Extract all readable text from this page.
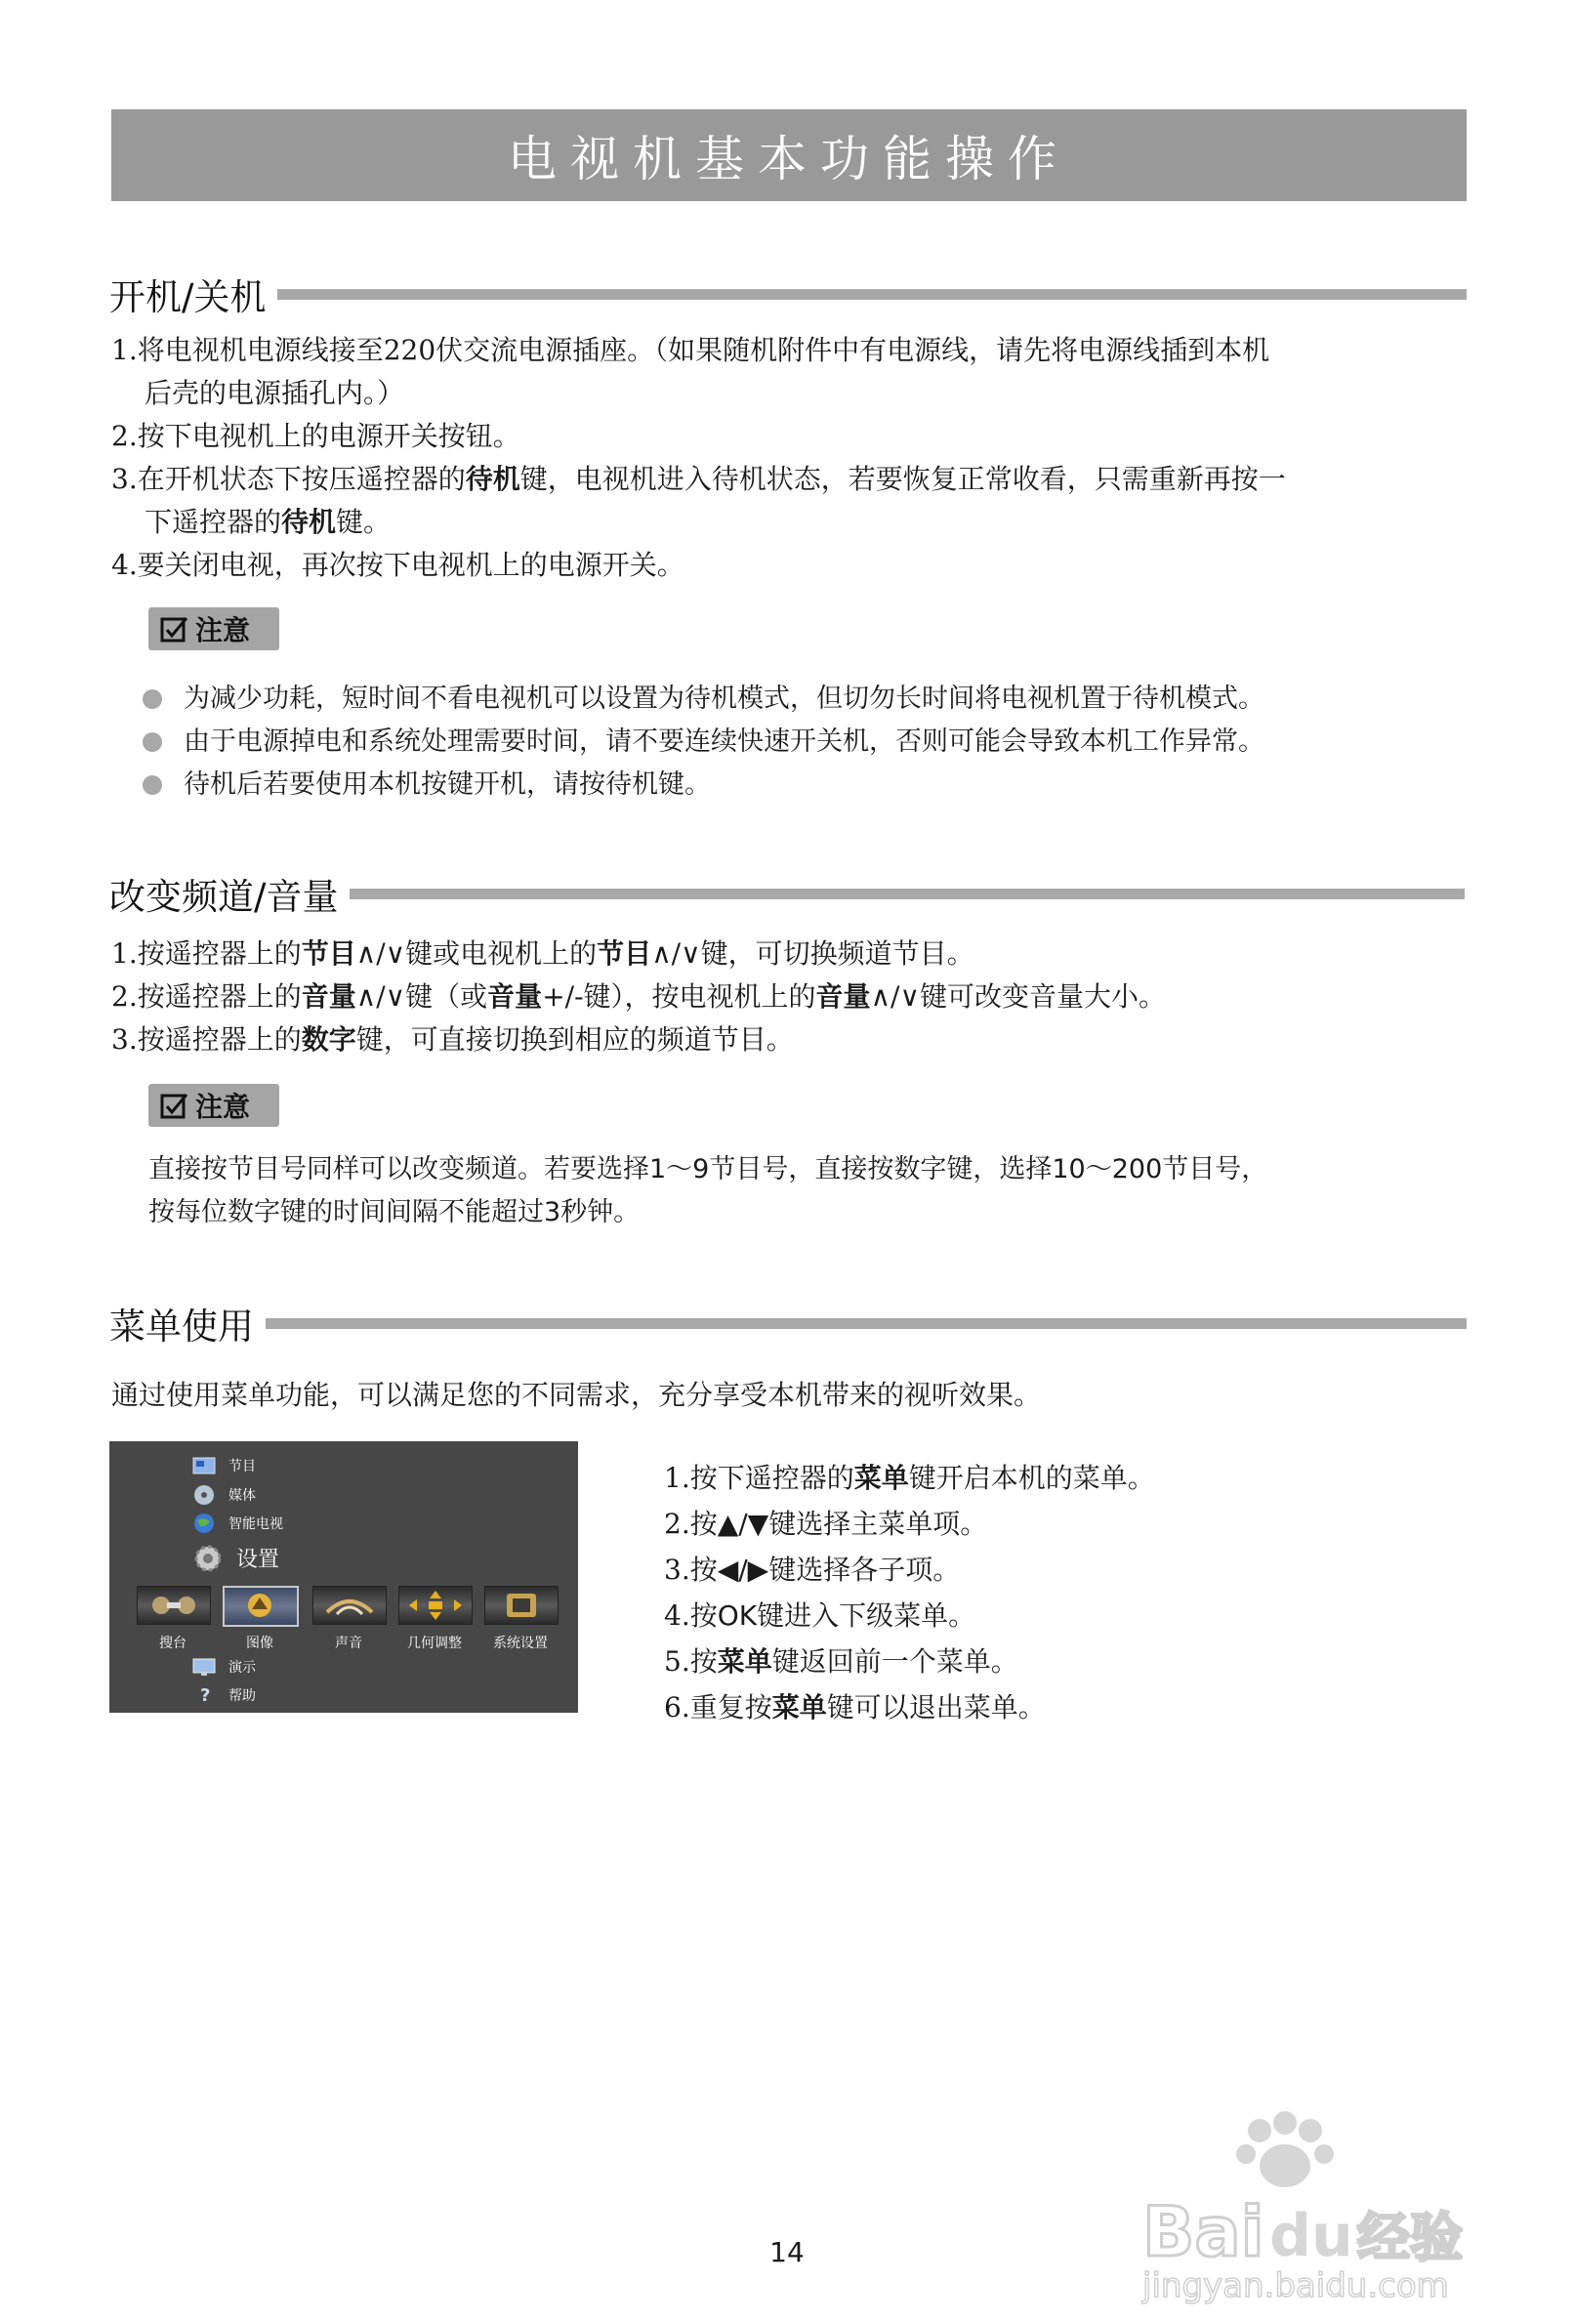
电视机基本功能操作
开机/关机
1.将电视机电源线接至220伏交流电源插座。（如果随机附件中有电源线，请先将电源线插到本机
后壳的电源插孔内。）
2.按下电视机上的电源开关按钮。
3.在开机状态下按压遥控器的待机键，电视机进入待机状态，若要恢复正常收看，只需重新再按一
下遥控器的待机键。
4.要关闭电视，再次按下电视机上的电源开关。
注意
为减少功耗，短时间不看电视机可以设置为待机模式，但切勿长时间将电视机置于待机模式。
由于电源掉电和系统处理需要时间，请不要连续快速开关机，否则可能会导致本机工作异常。
待机后若要使用本机按键开机，请按待机键。
改变频道/音量
1.按遥控器上的节目∧/∨键或电视机上的节目∧/∨键，可切换频道节目。
2.按遥控器上的音量∧/∨键（或音量+/-键），按电视机上的音量∧/∨键可改变音量大小。
3.按遥控器上的数字键，可直接切换到相应的频道节目。
注意
直接按节目号同样可以改变频道。若要选择1～9节目号，直接按数字键，选择10～200节目号，
按每位数字键的时间间隔不能超过3秒钟。
菜单使用
通过使用菜单功能，可以满足您的不同需求，充分享受本机带来的视听效果。
节目
媒体
智能电视
设置
搜台	图像	声音	几何调整	系统设置
演示
? 帮助
1.按下遥控器的菜单键开启本机的菜单。
2.按▲/▼键选择主菜单项。
3.按◀/▶键选择各子项。
4.按OK键进入下级菜单。
5.按菜单键返回前一个菜单。
6.重复按菜单键可以退出菜单。
14	Bai du 经验
jingyan.baidu.com
